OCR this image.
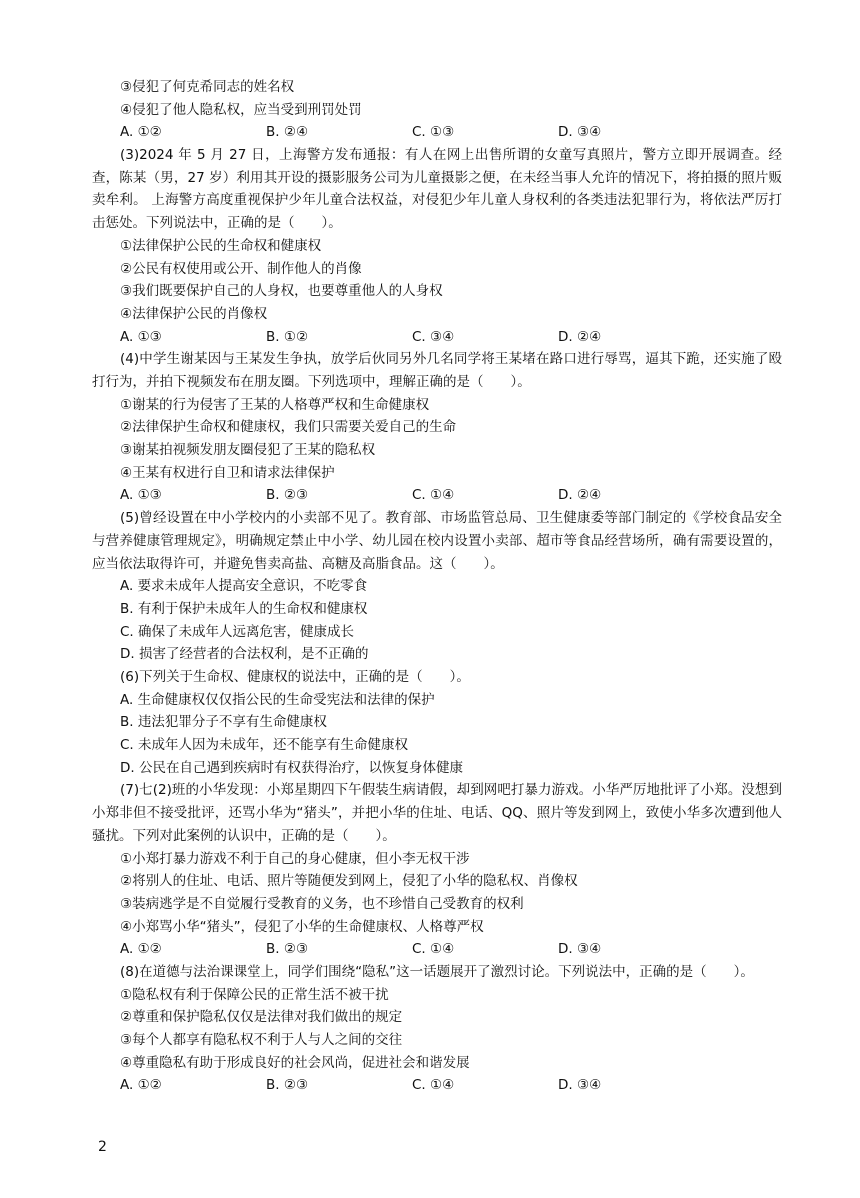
③侵犯了何克希同志的姓名权
④侵犯了他人隐私权，应当受到刑罚处罚
A. ①②	B. ②④	C. ①③	D. ③④
(3)2024 年 5 月 27 日，上海警方发布通报：有人在网上出售所谓的女童写真照片，警方立即开展调查。经查，陈某（男，27 岁）利用其开设的摄影服务公司为儿童摄影之便，在未经当事人允许的情况下，将拍摄的照片贩卖牟利。 上海警方高度重视保护少年儿童合法权益，对侵犯少年儿童人身权利的各类违法犯罪行为，将依法严厉打击惩处。下列说法中，正确的是（　　）。
①法律保护公民的生命权和健康权
②公民有权使用或公开、制作他人的肖像
③我们既要保护自己的人身权，也要尊重他人的人身权
④法律保护公民的肖像权
A. ①③	B. ①②	C. ③④	D. ②④
(4)中学生谢某因与王某发生争执，放学后伙同另外几名同学将王某堵在路口进行辱骂，逼其下跪，还实施了殴打行为，并拍下视频发布在朋友圈。下列选项中，理解正确的是（　　）。
①谢某的行为侵害了王某的人格尊严权和生命健康权
②法律保护生命权和健康权，我们只需要关爱自己的生命
③谢某拍视频发朋友圈侵犯了王某的隐私权
④王某有权进行自卫和请求法律保护
A. ①③	B. ②③	C. ①④	D. ②④
(5)曾经设置在中小学校内的小卖部不见了。教育部、市场监管总局、卫生健康委等部门制定的《学校食品安全与营养健康管理规定》，明确规定禁止中小学、幼儿园在校内设置小卖部、超市等食品经营场所，确有需要设置的，应当依法取得许可，并避免售卖高盐、高糖及高脂食品。这（　　）。
A. 要求未成年人提高安全意识，不吃零食
B. 有利于保护未成年人的生命权和健康权
C. 确保了未成年人远离危害，健康成长
D. 损害了经营者的合法权利，是不正确的
(6)下列关于生命权、健康权的说法中，正确的是（　　）。
A. 生命健康权仅仅指公民的生命受宪法和法律的保护
B. 违法犯罪分子不享有生命健康权
C. 未成年人因为未成年，还不能享有生命健康权
D. 公民在自己遇到疾病时有权获得治疗，以恢复身体健康
(7)七(2)班的小华发现：小郑星期四下午假装生病请假，却到网吧打暴力游戏。小华严厉地批评了小郑。没想到小郑非但不接受批评，还骂小华为“猪头”，并把小华的住址、电话、QQ、照片等发到网上，致使小华多次遭到他人骚扰。下列对此案例的认识中，正确的是（　　）。
①小郑打暴力游戏不利于自己的身心健康，但小李无权干涉
②将别人的住址、电话、照片等随便发到网上，侵犯了小华的隐私权、肖像权
③装病逃学是不自觉履行受教育的义务，也不珍惜自己受教育的权利
④小郑骂小华“猪头”，侵犯了小华的生命健康权、人格尊严权
A. ①②	B. ②③	C. ①④	D. ③④
(8)在道德与法治课课堂上，同学们围绕“隐私”这一话题展开了激烈讨论。下列说法中，正确的是（　　）。
①隐私权有利于保障公民的正常生活不被干扰
②尊重和保护隐私仅仅是法律对我们做出的规定
③每个人都享有隐私权不利于人与人之间的交往
④尊重隐私有助于形成良好的社会风尚，促进社会和谐发展
A. ①②	B. ②③	C. ①④	D. ③④
2
